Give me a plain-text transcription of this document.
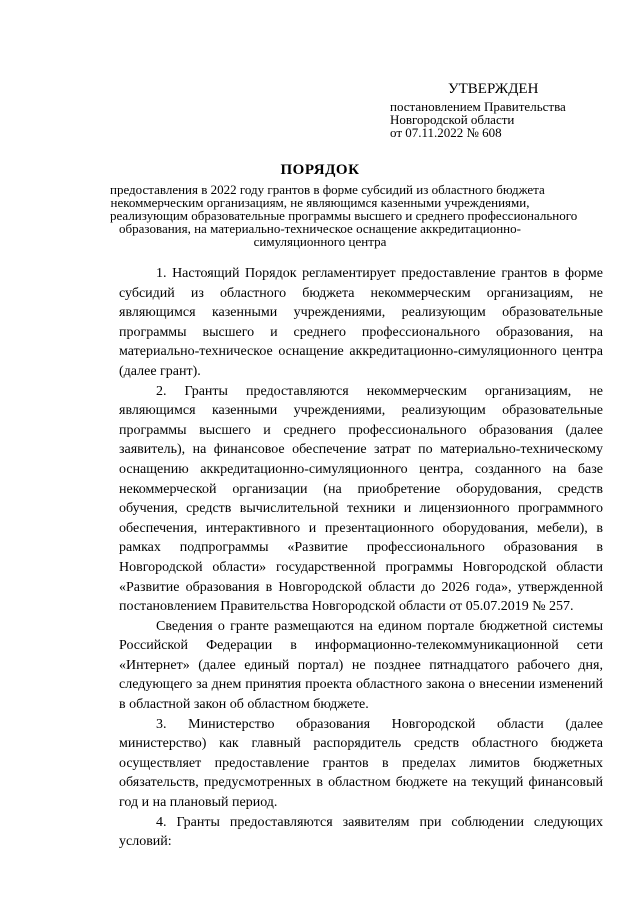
УТВЕРЖДЕН
постановлением Правительства
Новгородской области
от 07.11.2022 № 608
ПОРЯДОК
предоставления в 2022 году грантов в форме субсидий из областного бюджета
некоммерческим организациям, не являющимся казенными учреждениями,
реализующим образовательные программы высшего и среднего профессионального
образования, на материально-техническое оснащение аккредитационно-
симуляционного центра

1. Настоящий Порядок регламентирует предоставление грантов в форме субсидий из областного бюджета некоммерческим организациям, не являющимся казенными учреждениями, реализующим образовательные программы высшего и среднего профессионального образования, на материально-техническое оснащение аккредитационно-симуляционного центра (далее грант).

2. Гранты предоставляются некоммерческим организациям, не являющимся казенными учреждениями, реализующим образовательные программы высшего и среднего профессионального образования (далее заявитель), на финансовое обеспечение затрат по материально-техническому оснащению аккредитационно-симуляционного центра, созданного на базе некоммерческой организации (на приобретение оборудования, средств обучения, средств вычислительной техники и лицензионного программного обеспечения, интерактивного и презентационного оборудования, мебели), в рамках подпрограммы «Развитие профессионального образования в Новгородской области» государственной программы Новгородской области «Развитие образования в Новгородской области до 2026 года», утвержденной постановлением Правительства Новгородской области от 05.07.2019 № 257.

Сведения о гранте размещаются на едином портале бюджетной системы Российской Федерации в информационно-телекоммуникационной сети «Интернет» (далее единый портал) не позднее пятнадцатого рабочего дня, следующего за днем принятия проекта областного закона о внесении изменений в областной закон об областном бюджете.

3. Министерство образования Новгородской области (далее министерство) как главный распорядитель средств областного бюджета осуществляет предоставление грантов в пределах лимитов бюджетных обязательств, предусмотренных в областном бюджете на текущий финансовый год и на плановый период.

4. Гранты предоставляются заявителям при соблюдении следующих условий:
